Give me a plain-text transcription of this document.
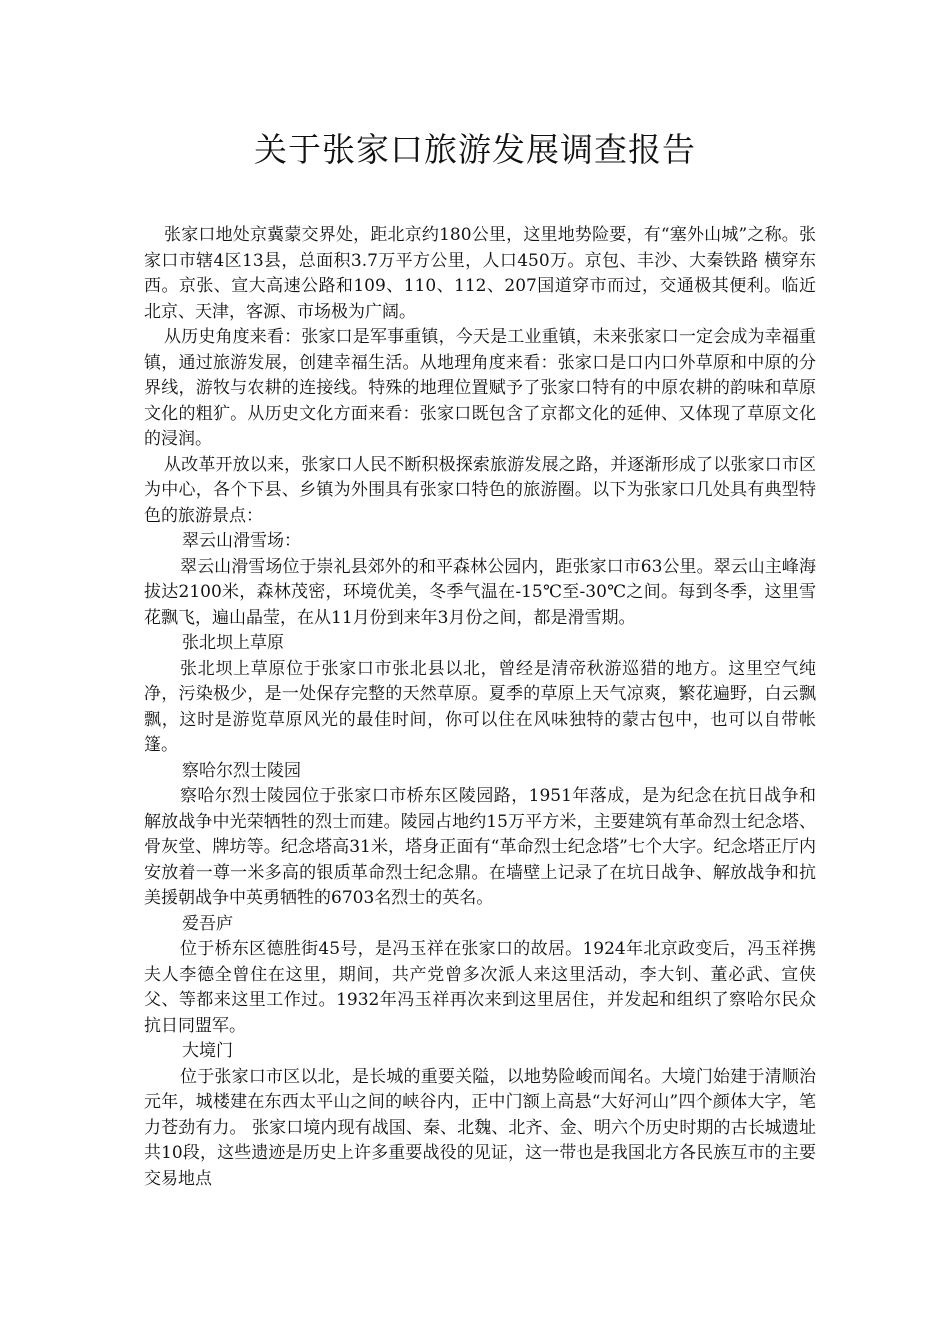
关于张家口旅游发展调查报告

张家口地处京冀蒙交界处，距北京约180公里，这里地势险要，有“塞外山城”之称。张家口市辖4区13县，总面积3.7万平方公里，人口450万。京包、丰沙、大秦铁路 横穿东西。京张、宣大高速公路和109、110、112、207国道穿市而过，交通极其便利。临近北京、天津，客源、市场极为广阔。

从历史角度来看：张家口是军事重镇，今天是工业重镇，未来张家口一定会成为幸福重镇，通过旅游发展，创建幸福生活。从地理角度来看：张家口是口内口外草原和中原的分界线，游牧与农耕的连接线。特殊的地理位置赋予了张家口特有的中原农耕的韵味和草原文化的粗犷。从历史文化方面来看：张家口既包含了京都文化的延伸、又体现了草原文化的浸润。

从改革开放以来，张家口人民不断积极探索旅游发展之路，并逐渐形成了以张家口市区为中心，各个下县、乡镇为外围具有张家口特色的旅游圈。以下为张家口几处具有典型特色的旅游景点：

翠云山滑雪场：

翠云山滑雪场位于崇礼县郊外的和平森林公园内，距张家口市63公里。翠云山主峰海拔达2100米，森林茂密，环境优美，冬季气温在-15℃至-30℃之间。每到冬季，这里雪花飘飞，遍山晶莹，在从11月份到来年3月份之间，都是滑雪期。

张北坝上草原

张北坝上草原位于张家口市张北县以北，曾经是清帝秋游巡猎的地方。这里空气纯净，污染极少，是一处保存完整的天然草原。夏季的草原上天气凉爽，繁花遍野，白云飘飘，这时是游览草原风光的最佳时间，你可以住在风味独特的蒙古包中，也可以自带帐篷。

察哈尔烈士陵园

察哈尔烈士陵园位于张家口市桥东区陵园路，1951年落成，是为纪念在抗日战争和解放战争中光荣牺牲的烈士而建。陵园占地约15万平方米，主要建筑有革命烈士纪念塔、骨灰堂、牌坊等。纪念塔高31米，塔身正面有“革命烈士纪念塔”七个大字。纪念塔正厅内安放着一尊一米多高的银质革命烈士纪念鼎。在墙壁上记录了在坑日战争、解放战争和抗美援朝战争中英勇牺牲的6703名烈士的英名。

爱吾庐

位于桥东区德胜街45号，是冯玉祥在张家口的故居。1924年北京政变后，冯玉祥携夫人李德全曾住在这里，期间，共产党曾多次派人来这里活动，李大钊、董必武、宣侠父、等都来这里工作过。1932年冯玉祥再次来到这里居住，并发起和组织了察哈尔民众抗日同盟军。

大境门

位于张家口市区以北，是长城的重要关隘，以地势险峻而闻名。大境门始建于清顺治元年，城楼建在东西太平山之间的峡谷内，正中门额上高悬“大好河山”四个颜体大字，笔力苍劲有力。 张家口境内现有战国、秦、北魏、北齐、金、明六个历史时期的古长城遗址共10段，这些遗迹是历史上许多重要战役的见证，这一带也是我国北方各民族互市的主要交易地点
